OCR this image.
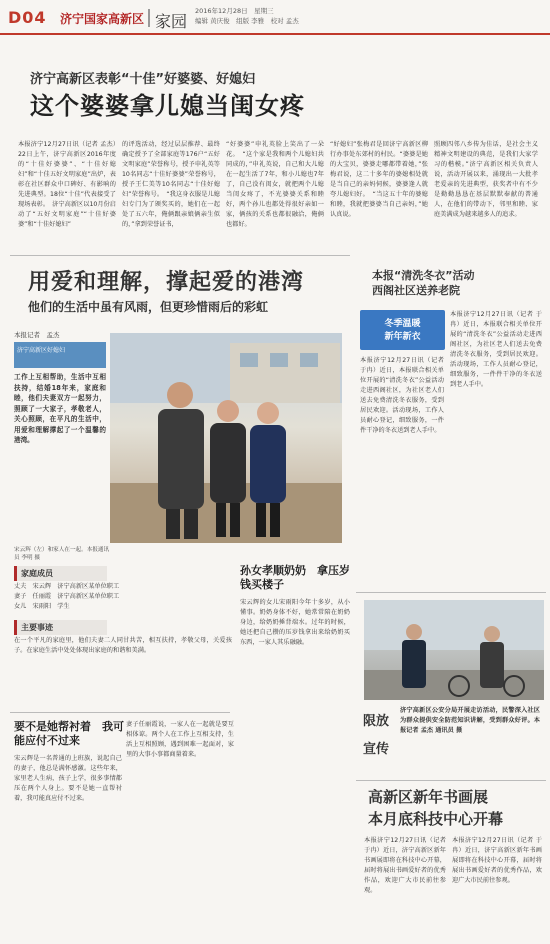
D04 济宁国家高新区 家园
2016年12月28日　星期三
编辑 黄庆俊　组版 李雅　校对 孟杰
济宁高新区表彰“十佳”好婆婆、好媳妇
这个婆婆拿儿媳当闺女疼
本报济宁12月27日讯（记者 孟杰）22日上午，济宁高新区2016年度的“十佳好婆婆”、“十佳好媳妇”和“十佳五好文明家庭”出炉，表彰在社区群众中口碑好、有影响的先进典型。18位“十佳”代表接受了现场表彰。　济宁高新区以10月份启动了“五好文明家庭”“十佳好婆婆”和“十佳好媳妇”
的评选活动，经过层层推荐、最终确定授予了全部家庭等176户“五好文明家庭”荣誉称号，授予申礼英等10名同志“十佳好婆婆”荣誉称号，授予王仁美等10名同志“十佳好媳妇”荣誉称号。　“我这身衣服是儿媳妇专门为了颁奖买的，她们在一起处了五六年，俺俩跟亲娘俩亲生似的，”拿到荣誉证书，
“好婆婆”申礼英脸上笑出了一朵花。　“这个家是我和两个儿媳妇共同成的，”申礼英说，自己和大儿媳在一起生活了7年，和小儿媳也7年了，自己没有闺女，就把两个儿媳当闺女疼了，不光婆婆关系和睦好，两个孙儿也都处得很好亲如一家，俩孩的关系也都很融洽，俺俩也都好。
“好媳妇”张梅君是回济宁高新区柳行办事处东郊村的村民。“婆婆是她的大宝贝，婆婆走哪都带着她，”张梅君说，这二十多年的婆媳相处就是当自己的亲妈伺候，婆婆逢人就夸儿媳妇好。　“当这五十年的婆媳和睦，我就把婆婆当自己亲妈，”她认真说。
照顾四邻八乡传为佳话，是社会主义精神文明建设的典范，是我们大家学习的楷模。”济宁高新区相关负责人说，活动开展以来，涌现出一大批孝老爱亲的先进典型，获奖者中有不少是勤勤恳恳在基层默默奉献的普通人，在他们的带动下，邻里和睦、家庭美满成为越来越多人的追求。
用爱和理解，撑起爱的港湾
他们的生活中虽有风雨，但更珍惜雨后的彩虹
本报记者　孟杰
济宁高新区好媳妇
工作上互相帮助，生活中互相扶持，结婚18年来，家庭和睦，他们夫妻双方一起努力，照顾了一大家子，孝敬老人，关心照顾，在平凡的生活中，用爱和理解撑起了一个温馨的港湾。
宋云辉（左）和家人在一起。本报通讯员 李明 摄
家庭成员
丈夫　宋云辉　济宁高新区某单位职工
妻子　任丽霞　济宁高新区某单位职工
女儿　宋雨阳　学生
主要事迹
在一个平凡的家庭里，他们夫妻二人同甘共苦，相互扶持，孝敬父母，关爱孩子。在家庭生活中处处体现出家庭的和谐和美满。
要不是她帮衬着　我可能应付不过来
宋云辉是一名普通的上班族，说起自己的妻子，他总是满怀感激。这些年来，家里老人生病，孩子上学，很多事情都压在两个人身上。要不是她一直帮衬着，我可能真应付不过来。
妻子任丽霞说，一家人在一起就是要互相体谅。两个人在工作上互相支持，生活上互相照顾，遇到困难一起面对，家里的大事小事都商量着来。
孙女孝顺奶奶　拿压岁钱买楼子
宋云辉的女儿宋雨阳今年十多岁，从小懂事。奶奶身体不好，她常常陪在奶奶身边，给奶奶捶背端水。过年的时候，她还把自己攒的压岁钱拿出来给奶奶买东西，一家人其乐融融。
本报“清洗冬衣”活动
西阁社区送养老院
冬季温暖
新年新衣
本报济宁12月27日讯（记者 于冉）近日，本报联合相关单位开展的“清洗冬衣”公益活动走进西阁社区，为社区老人们送去免费清洗冬衣服务，受到居民欢迎。活动现场，工作人员耐心登记，细致服务，一件件干净的冬衣送到老人手中。
本报济宁12月27日讯（记者 于冉）近日，本报联合相关单位开展的“清洗冬衣”公益活动走进西阁社区，为社区老人们送去免费清洗冬衣服务，受到居民欢迎。活动现场，工作人员耐心登记，细致服务，一件件干净的冬衣送到老人手中。
限放
宣传
济宁高新区公安分局开展走访活动，民警深入社区为群众提供安全防范知识讲解，受到群众好评。本报记者 孟杰 通讯员 摄
高新区新年书画展
本月底科技中心开幕
本报济宁12月27日讯（记者 于冉）近日，济宁高新区新年书画展即将在科技中心开幕，届时将展出书画爱好者的优秀作品，欢迎广大市民前往参观。
本报济宁12月27日讯（记者 于冉）近日，济宁高新区新年书画展即将在科技中心开幕，届时将展出书画爱好者的优秀作品，欢迎广大市民前往参观。
